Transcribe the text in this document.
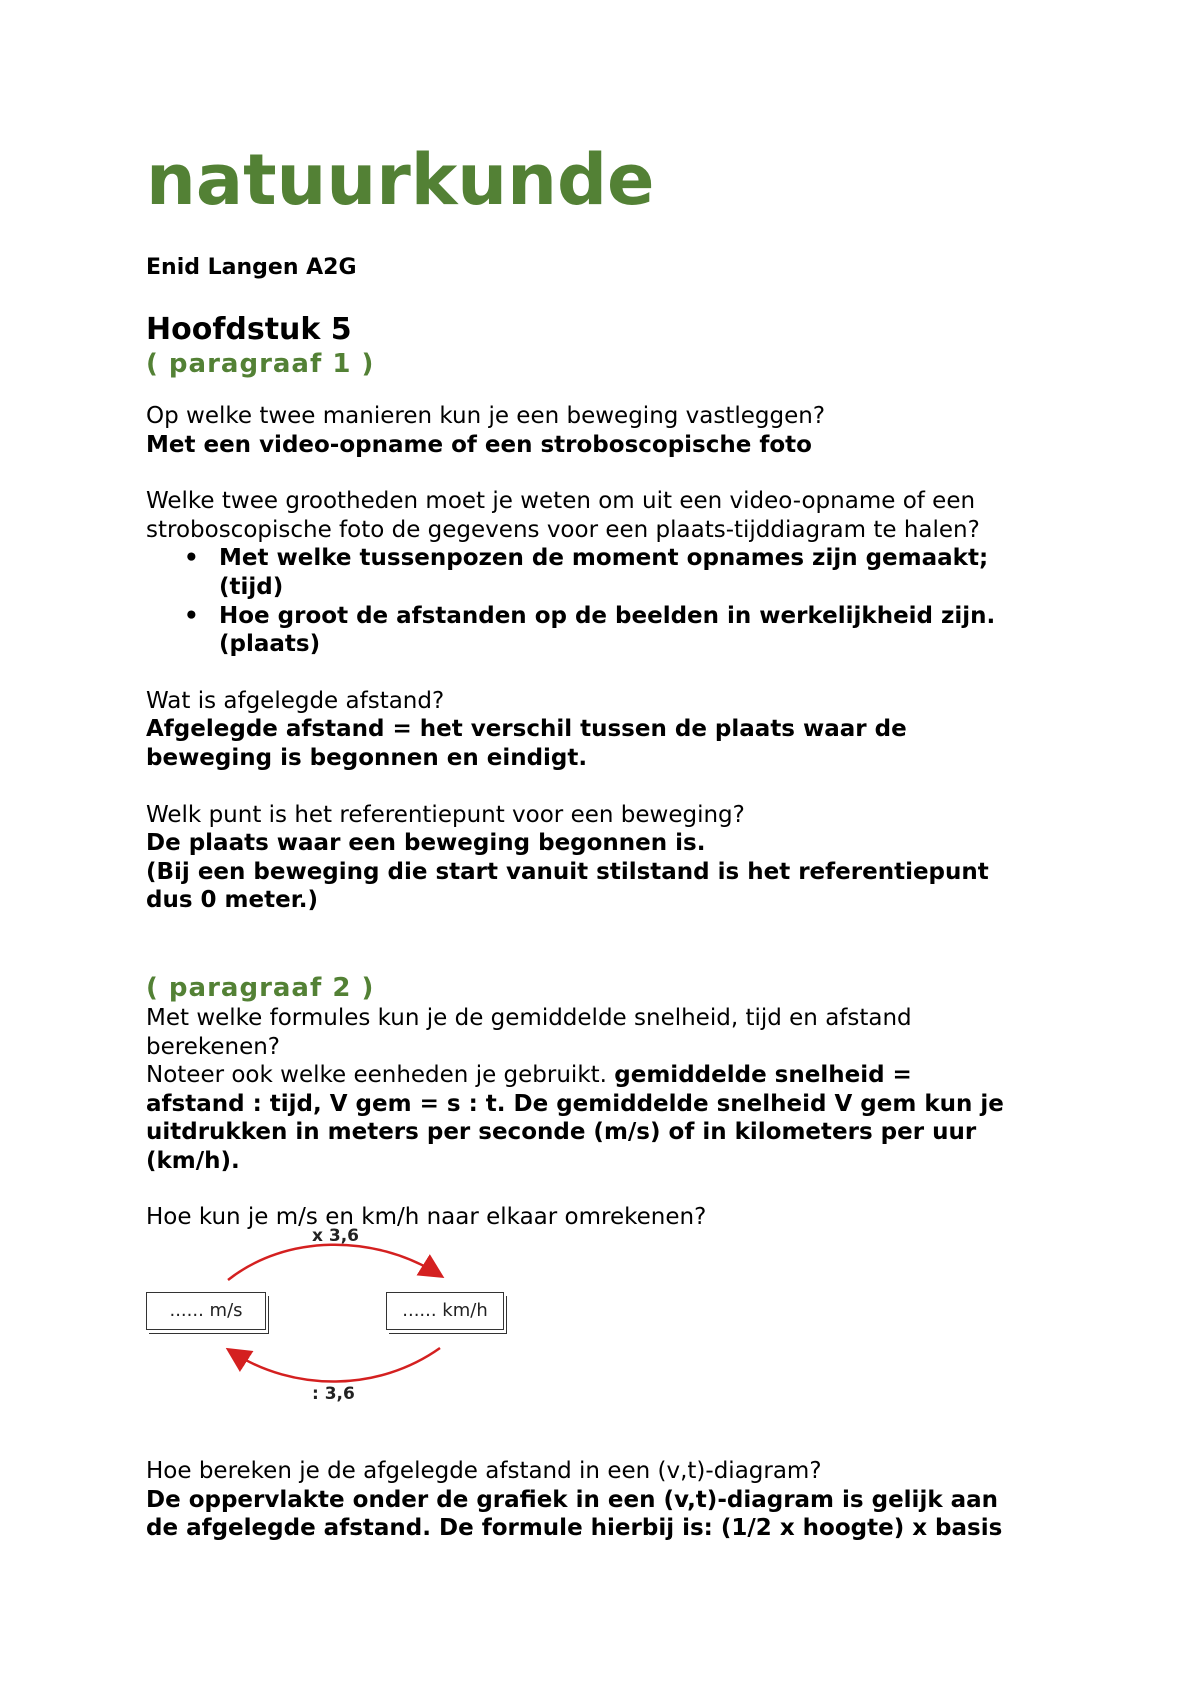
natuurkunde
Enid Langen A2G
Hoofdstuk 5
( paragraaf 1 )

Op welke twee manieren kun je een beweging vastleggen?

Met een video-opname of een stroboscopische foto

Welke twee grootheden moet je weten om uit een video-opname of een

stroboscopische foto de gegevens voor een plaats-tijddiagram te halen?

• Met welke tussenpozen de moment opnames zijn gemaakt;
(tijd)
• Hoe groot de afstanden op de beelden in werkelijkheid zijn.
(plaats)

Wat is afgelegde afstand?

Afgelegde afstand = het verschil tussen de plaats waar de

beweging is begonnen en eindigt.

Welk punt is het referentiepunt voor een beweging?

De plaats waar een beweging begonnen is.

(Bij een beweging die start vanuit stilstand is het referentiepunt

dus 0 meter.)

( paragraaf 2 )

Met welke formules kun je de gemiddelde snelheid, tijd en afstand

berekenen?

Noteer ook welke eenheden je gebruikt. gemiddelde snelheid =

afstand : tijd, V gem = s : t. De gemiddelde snelheid V gem kun je

uitdrukken in meters per seconde (m/s) of in kilometers per uur

(km/h).

Hoe kun je m/s en km/h naar elkaar omrekenen?

x 3,6
: 3,6
...... m/s	...... km/h

Hoe bereken je de afgelegde afstand in een (v,t)-diagram?

De oppervlakte onder de grafiek in een (v,t)-diagram is gelijk aan

de afgelegde afstand. De formule hierbij is: (1/2 x hoogte) x basis
